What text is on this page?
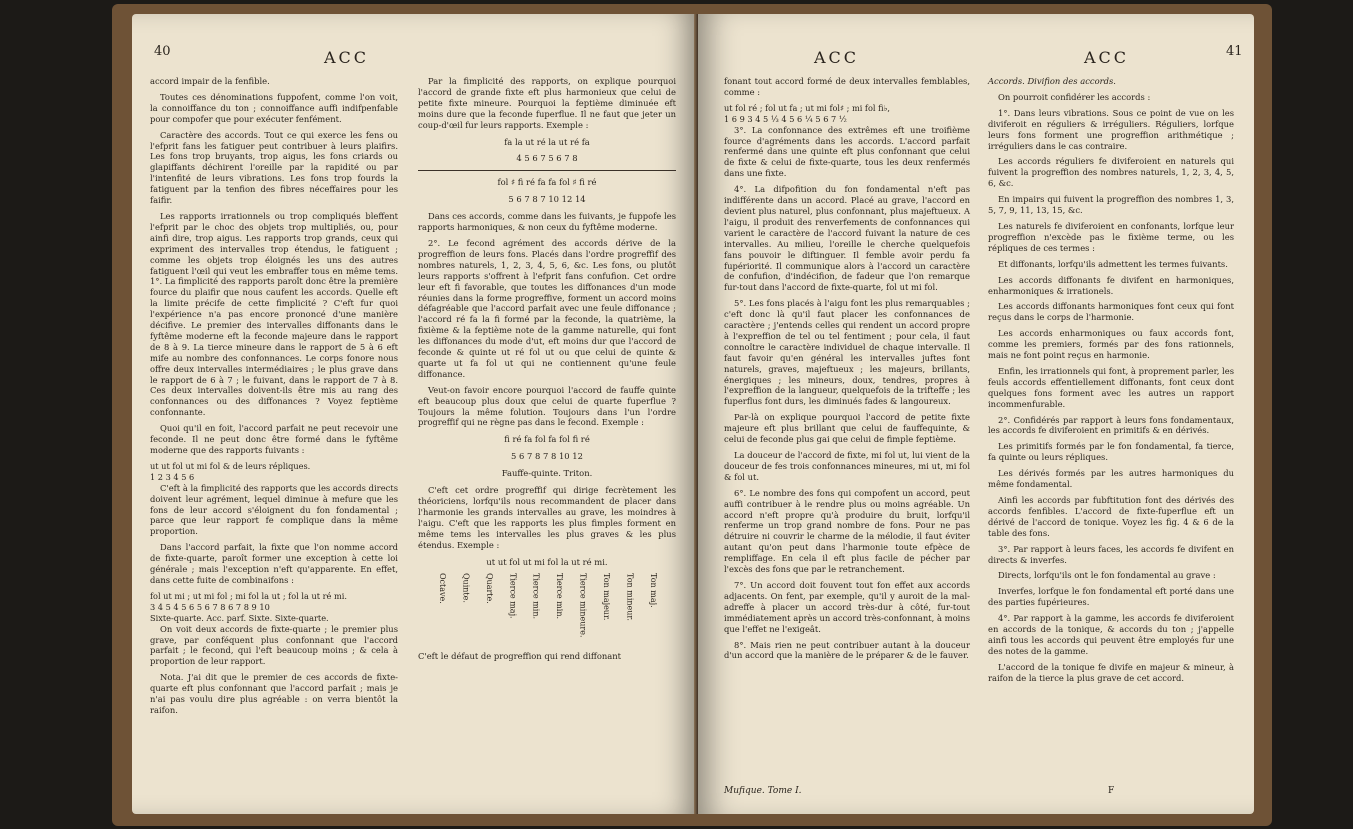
40	ACC

accord impair de la fenfible.

Toutes ces dénominations fuppofent, comme l'on voit, la connoiffance du ton ; connoiffance auffi indifpenfable pour compofer que pour exécuter fenfément.

Caractère des accords. Tout ce qui exerce les fens ou l'efprit fans les fatiguer peut contribuer à leurs plaifirs. Les fons trop bruyants, trop aigus, les fons criards ou glapiffants déchirent l'oreille par la rapidité ou par l'intenfité de leurs vibrations. Les fons trop fourds la fatiguent par la tenfion des fibres néceffaires pour les faifir.

Les rapports irrationnels ou trop compliqués bleffent l'efprit par le choc des objets trop multipliés, ou, pour ainfi dire, trop aigus. Les rapports trop grands, ceux qui expriment des intervalles trop étendus, le fatiguent ; comme les objets trop éloignés les uns des autres fatiguent l'œil qui veut les embraffer tous en même tems. 1°. La fimplicité des rapports paroît donc être la première fource du plaifir que nous caufent les accords. Quelle eft la limite précife de cette fimplicité ? C'eft fur quoi l'expérience n'a pas encore prononcé d'une manière décifive. Le premier des intervalles diffonants dans le fyftême moderne eft la feconde majeure dans le rapport de 8 à 9. La tierce mineure dans le rapport de 5 à 6 eft mife au nombre des confonnances. Le corps fonore nous offre deux intervalles intermédiaires ; le plus grave dans le rapport de 6 à 7 ; le fuivant, dans le rapport de 7 à 8. Ces deux intervalles doivent-ils être mis au rang des confonnances ou des diffonances ? Voyez feptième confonnante.

Quoi qu'il en foit, l'accord parfait ne peut recevoir une feconde. Il ne peut donc être formé dans le fyftême moderne que des rapports fuivants :

ut ut fol ut mi fol & de leurs répliques.
1 2 3 4 5 6

C'eft à la fimplicité des rapports que les accords directs doivent leur agrément, lequel diminue à mefure que les fons de leur accord s'éloignent du fon fondamental ; parce que leur rapport fe complique dans la même proportion.

Dans l'accord parfait, la fixte que l'on nomme accord de fixte-quarte, paroît former une exception à cette loi générale ; mais l'exception n'eft qu'apparente. En effet, dans cette fuite de combinaifons :

fol ut mi ; ut mi fol ; mi fol la ut ; fol la ut ré mi.
3 4 5 4 5 6 5 6 7 8 6 7 8 9 10
Sixte-quarte. Acc. parf. Sixte. Sixte-quarte.

On voit deux accords de fixte-quarte ; le premier plus grave, par conféquent plus confonnant que l'accord parfait ; le fecond, qui l'eft beaucoup moins ; & cela à proportion de leur rapport.

Nota. J'ai dit que le premier de ces accords de fixte-quarte eft plus confonnant que l'accord parfait ; mais je n'ai pas voulu dire plus agréable : on verra bientôt la raifon.

Par la fimplicité des rapports, on explique pourquoi l'accord de grande fixte eft plus harmonieux que celui de petite fixte mineure. Pourquoi la feptième diminuée eft moins dure que la feconde fuperflue. Il ne faut que jeter un coup-d'œil fur leurs rapports. Exemple :

fa la ut ré la ut ré fa
4 5 6 7 5 6 7 8
fol ♯ fi ré fa fa fol ♯ fi ré
5 6 7 8 7 10 12 14

Dans ces accords, comme dans les fuivants, je fuppofe les rapports harmoniques, & non ceux du fyftême moderne.

2°. Le fecond agrément des accords dérive de la progreffion de leurs fons. Placés dans l'ordre progreffif des nombres naturels, 1, 2, 3, 4, 5, 6, &c. Les fons, ou plutôt leurs rapports s'offrent à l'efprit fans confufion. Cet ordre leur eft fi favorable, que toutes les diffonances d'un mode réunies dans la forme progreffive, forment un accord moins défagréable que l'accord parfait avec une feule diffonance ; l'accord ré fa la fi formé par la feconde, la quatrième, la fixième & la feptième note de la gamme naturelle, qui font les diffonances du mode d'ut, eft moins dur que l'accord de feconde & quinte ut ré fol ut ou que celui de quinte & quarte ut fa fol ut qui ne contiennent qu'une feule diffonance.

Veut-on favoir encore pourquoi l'accord de fauffe quinte eft beaucoup plus doux que celui de quarte fuperflue ? Toujours la même folution. Toujours dans l'un l'ordre progreffif qui ne règne pas dans le fecond. Exemple :

fi ré fa fol fa fol fi ré
5 6 7 8 7 8 10 12
Fauffe-quinte. Triton.

C'eft cet ordre progreffif qui dirige fecrètement les théoriciens, lorfqu'ils nous recommandent de placer dans l'harmonie les grands intervalles au grave, les moindres à l'aigu. C'eft que les rapports les plus fimples forment en même tems les intervalles les plus graves & les plus étendus. Exemple :

ut ut fol ut mi fol la ut ré mi.
Octave. Quinte. Quarte. Tierce maj. Tierce min. Tierce min. Tierce mineure. Ton majeur. Ton mineur. Ton maj.

C'eft le défaut de progreffion qui rend diffonant

ACC	ACC	41

fonant tout accord formé de deux intervalles femblables, comme :

ut fol ré ; fol ut fa ; ut mi fol♯ ; mi fol fi♭,
1 6 9 3 4 5 ⅓ 4 5 6 ¼ 5 6 7 ½

3°. La confonnance des extrêmes eft une troifième fource d'agréments dans les accords. L'accord parfait renfermé dans une quinte eft plus confonnant que celui de fixte & celui de fixte-quarte, tous les deux renfermés dans une fixte.

4°. La difpofition du fon fondamental n'eft pas indifférente dans un accord. Placé au grave, l'accord en devient plus naturel, plus confonnant, plus majeftueux. A l'aigu, il produit des renverfements de confonnances qui varient le caractère de l'accord fuivant la nature de ces intervalles. Au milieu, l'oreille le cherche quelquefois fans pouvoir le diftinguer. Il femble avoir perdu fa fupériorité. Il communique alors à l'accord un caractère de confufion, d'indécifion, de fadeur que l'on remarque fur-tout dans l'accord de fixte-quarte, fol ut mi fol.

5°. Les fons placés à l'aigu font les plus remarquables ; c'eft donc là qu'il faut placer les confonnances de caractère ; j'entends celles qui rendent un accord propre à l'expreffion de tel ou tel fentiment ; pour cela, il faut connoître le caractère individuel de chaque intervalle. Il faut favoir qu'en général les intervalles juftes font naturels, graves, majeftueux ; les majeurs, brillants, énergiques ; les mineurs, doux, tendres, propres à l'expreffion de la langueur, quelquefois de la trifteffe ; les fuperflus font durs, les diminués fades & langoureux.

Par-là on explique pourquoi l'accord de petite fixte majeure eft plus brillant que celui de fauffequinte, & celui de feconde plus gai que celui de fimple feptième.

La douceur de l'accord de fixte, mi fol ut, lui vient de la douceur de fes trois confonnances mineures, mi ut, mi fol & fol ut.

6°. Le nombre des fons qui compofent un accord, peut auffi contribuer à le rendre plus ou moins agréable. Un accord n'eft propre qu'à produire du bruit, lorfqu'il renferme un trop grand nombre de fons. Pour ne pas détruire ni couvrir le charme de la mélodie, il faut éviter autant qu'on peut dans l'harmonie toute efpèce de rempliffage. En cela il eft plus facile de pécher par l'excès des fons que par le retranchement.

7°. Un accord doit fouvent tout fon effet aux accords adjacents. On fent, par exemple, qu'il y auroit de la mal-adreffe à placer un accord très-dur à côté, fur-tout immédiatement après un accord très-confonnant, à moins que l'effet ne l'exigeât.

8°. Mais rien ne peut contribuer autant à la douceur d'un accord que la manière de le préparer & de le fauver.

Accords. Divifion des accords.

On pourroit confidérer les accords :

1°. Dans leurs vibrations. Sous ce point de vue on les diviferoit en réguliers & irréguliers. Réguliers, lorfque leurs fons forment une progreffion arithmétique ; irréguliers dans le cas contraire.

Les accords réguliers fe diviferoient en naturels qui fuivent la progreffion des nombres naturels, 1, 2, 3, 4, 5, 6, &c.

En impairs qui fuivent la progreffion des nombres 1, 3, 5, 7, 9, 11, 13, 15, &c.

Les naturels fe diviferoient en confonants, lorfque leur progreffion n'excède pas le fixième terme, ou les répliques de ces termes :

Et diffonants, lorfqu'ils admettent les termes fuivants.

Les accords diffonants fe divifent en harmoniques, enharmoniques & irrationels.

Les accords diffonants harmoniques font ceux qui font reçus dans le corps de l'harmonie.

Les accords enharmoniques ou faux accords font, comme les premiers, formés par des fons rationnels, mais ne font point reçus en harmonie.

Enfin, les irrationnels qui font, à proprement parler, les feuls accords effentiellement diffonants, font ceux dont quelques fons forment avec les autres un rapport incommenfurable.

2°. Confidérés par rapport à leurs fons fondamentaux, les accords fe diviferoient en primitifs & en dérivés.

Les primitifs formés par le fon fondamental, fa tierce, fa quinte ou leurs répliques.

Les dérivés formés par les autres harmoniques du même fondamental.

Ainfi les accords par fubftitution font des dérivés des accords fenfibles. L'accord de fixte-fuperflue eft un dérivé de l'accord de tonique. Voyez les fig. 4 & 6 de la table des fons.

3°. Par rapport à leurs faces, les accords fe divifent en directs & inverfes.

Directs, lorfqu'ils ont le fon fondamental au grave :

Inverfes, lorfque le fon fondamental eft porté dans une des parties fupérieures.

4°. Par rapport à la gamme, les accords fe diviferoient en accords de la tonique, & accords du ton ; j'appelle ainfi tous les accords qui peuvent être employés fur une des notes de la gamme.

L'accord de la tonique fe divife en majeur & mineur, à raifon de la tierce la plus grave de cet accord.

Mufique. Tome I.	F
